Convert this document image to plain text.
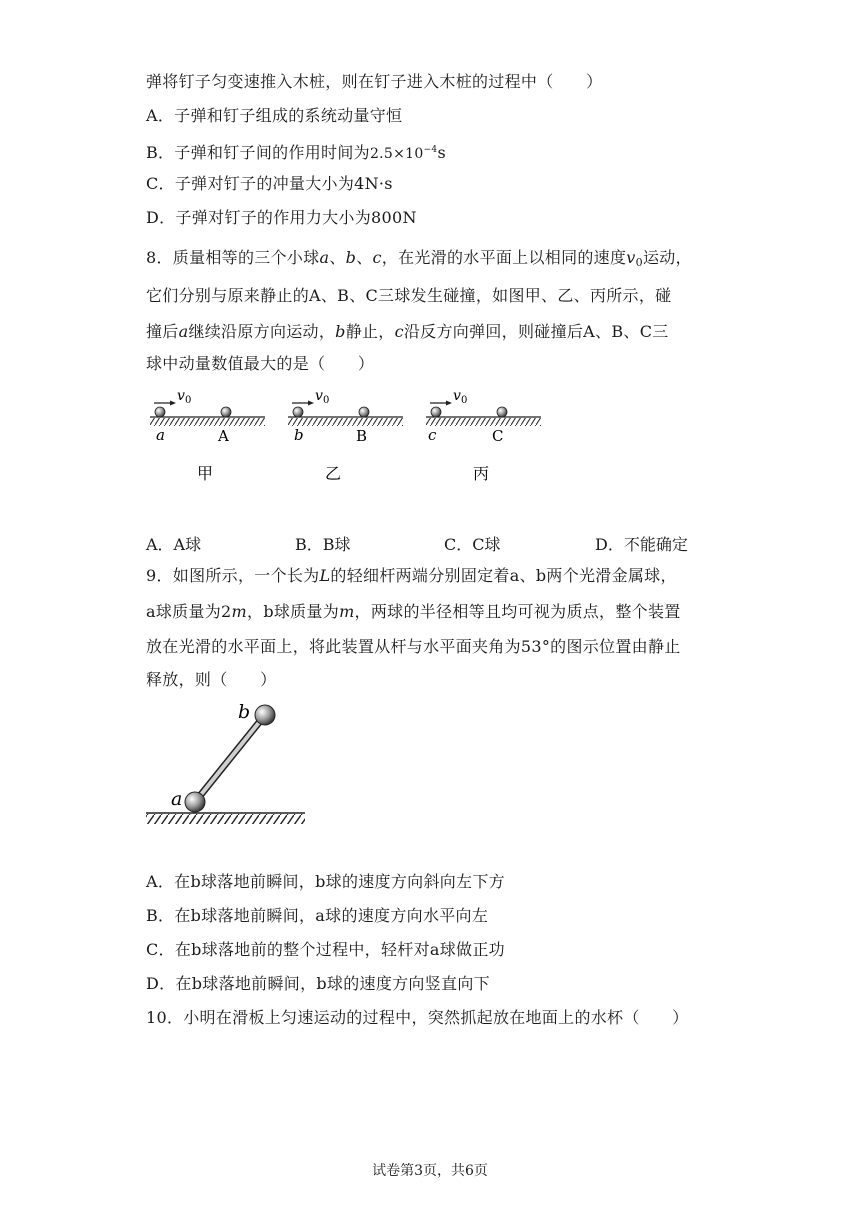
弹将钉子匀变速推入木桩，则在钉子进入木桩的过程中（　　）
A．子弹和钉子组成的系统动量守恒
B．子弹和钉子间的作用时间为$2.5\times 10^{-4}s$
C．子弹对钉子的冲量大小为4N·s
D．子弹对钉子的作用力大小为800N
8．质量相等的三个小球a、b、c，在光滑的水平面上以相同的速度$v_0$运动，
它们分别与原来静止的A、B、C三球发生碰撞，如图甲、乙、丙所示，碰
撞后a继续沿原方向运动，b静止，c沿反方向弹回，则碰撞后A、B、C三
球中动量数值最大的是（　　）
v 0
a	A
甲
v 0
b	B
乙
v 0
c	C
丙
A．A球	B．B球	C．C球	D．不能确定
9．如图所示，一个长为L的轻细杆两端分别固定着a、b两个光滑金属球，
a球质量为2m，b球质量为m，两球的半径相等且均可视为质点，整个装置
放在光滑的水平面上，将此装置从杆与水平面夹角为53°的图示位置由静止
释放，则（　　）
a
b
A．在b球落地前瞬间，b球的速度方向斜向左下方
B．在b球落地前瞬间，a球的速度方向水平向左
C．在b球落地前的整个过程中，轻杆对a球做正功
D．在b球落地前瞬间，b球的速度方向竖直向下
10．小明在滑板上匀速运动的过程中，突然抓起放在地面上的水杯（　　）
试卷第3页，共6页
